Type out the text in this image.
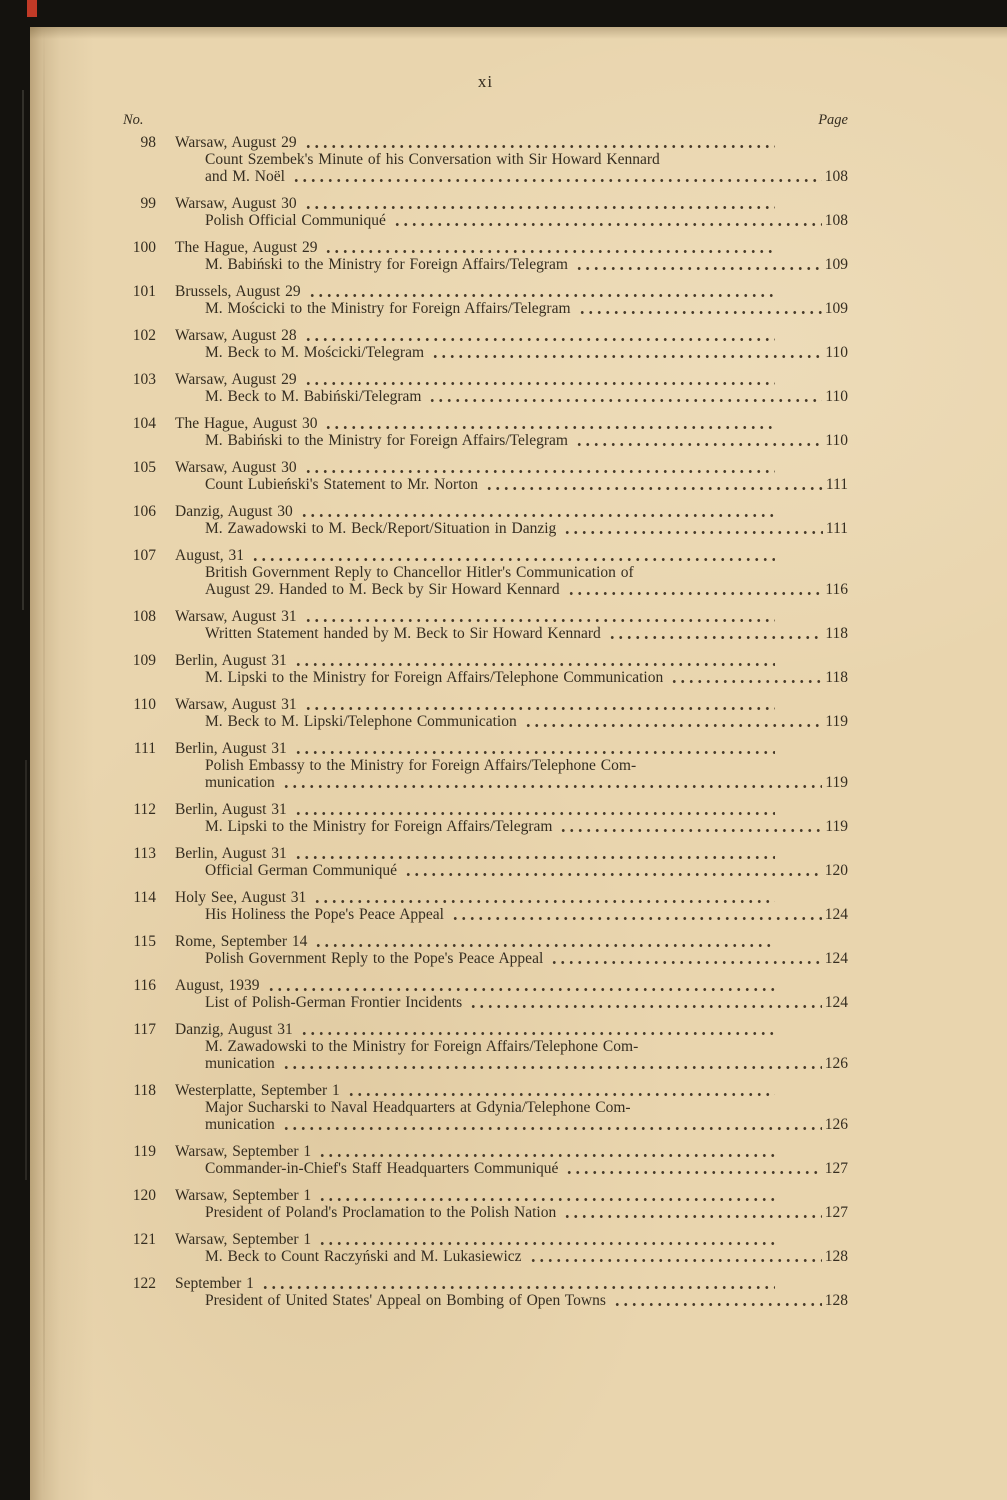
xi
No.	Page
98 Warsaw, August 29
Count Szembek's Minute of his Conversation with Sir Howard Kennard
and M. Noël	108
99 Warsaw, August 30
Polish Official Communiqué	108
100 The Hague, August 29
M. Babiński to the Ministry for Foreign Affairs/Telegram	109
101 Brussels, August 29
M. Mościcki to the Ministry for Foreign Affairs/Telegram	109
102 Warsaw, August 28
M. Beck to M. Mościcki/Telegram	110
103 Warsaw, August 29
M. Beck to M. Babiński/Telegram	110
104 The Hague, August 30
M. Babiński to the Ministry for Foreign Affairs/Telegram	110
105 Warsaw, August 30
Count Lubieński's Statement to Mr. Norton	111
106 Danzig, August 30
M. Zawadowski to M. Beck/Report/Situation in Danzig	111
107 August, 31
British Government Reply to Chancellor Hitler's Communication of
August 29. Handed to M. Beck by Sir Howard Kennard	116
108 Warsaw, August 31
Written Statement handed by M. Beck to Sir Howard Kennard	118
109 Berlin, August 31
M. Lipski to the Ministry for Foreign Affairs/Telephone Communication	118
110 Warsaw, August 31
M. Beck to M. Lipski/Telephone Communication	119
111 Berlin, August 31
Polish Embassy to the Ministry for Foreign Affairs/Telephone Com-
munication	119
112 Berlin, August 31
M. Lipski to the Ministry for Foreign Affairs/Telegram	119
113 Berlin, August 31
Official German Communiqué	120
114 Holy See, August 31
His Holiness the Pope's Peace Appeal	124
115 Rome, September 14
Polish Government Reply to the Pope's Peace Appeal	124
116 August, 1939
List of Polish-German Frontier Incidents	124
117 Danzig, August 31
M. Zawadowski to the Ministry for Foreign Affairs/Telephone Com-
munication	126
118 Westerplatte, September 1
Major Sucharski to Naval Headquarters at Gdynia/Telephone Com-
munication	126
119 Warsaw, September 1
Commander-in-Chief's Staff Headquarters Communiqué	127
120 Warsaw, September 1
President of Poland's Proclamation to the Polish Nation	127
121 Warsaw, September 1
M. Beck to Count Raczyński and M. Lukasiewicz	128
122 September 1
President of United States' Appeal on Bombing of Open Towns	128
